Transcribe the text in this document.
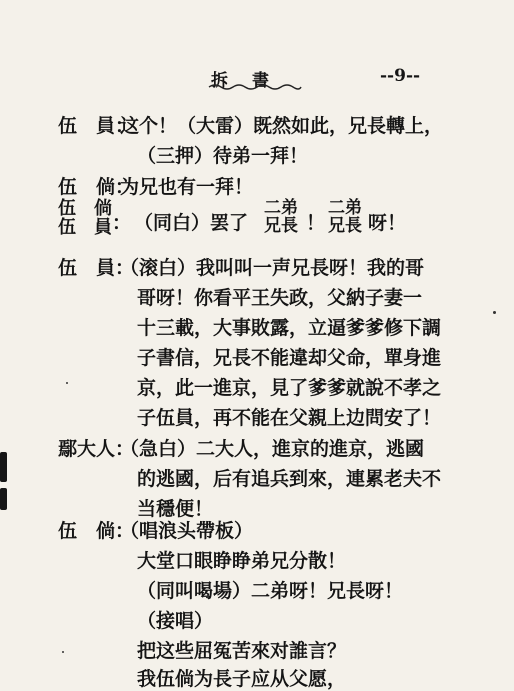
拆書	--9--
伍　員：
这个！（大雷）既然如此，兄長轉上，
（三押）待弟一拜！
伍　倘：
为兄也有一拜！
伍　倘
伍　員 ： （同白）罢了
二弟
兄長 ！
二弟
兄長 呀！
伍　員：
（滚白）我叫叫一声兄長呀！我的哥
哥呀！你看平王失政，父納子妻一
十三載，大事敗露，立逼爹爹修下調
子書信，兄長不能違却父命，單身進
京，此一進京，見了爹爹就說不孝之
子伍員，再不能在父親上边問安了！
鄢大人：
（急白）二大人，進京的進京，逃國
的逃國，后有追兵到來，連累老夫不
当穩便！
伍　倘：
（唱浪头帶板）
大堂口眼睁睁弟兄分散！
（同叫喝場）二弟呀！兄長呀！
（接唱）
把这些屈冤苦來对誰言？
我伍倘为長子应从父愿，
